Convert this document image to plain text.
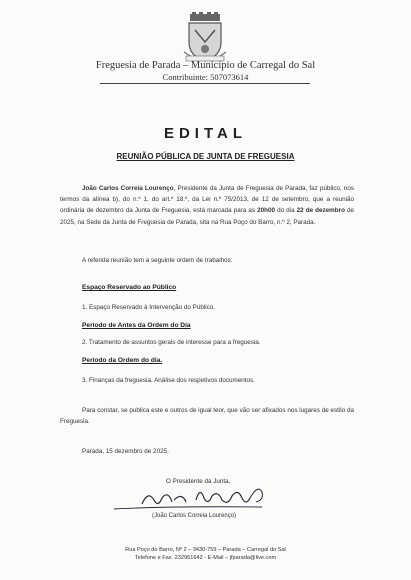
Freguesia de Parada – Município de Carregal do Sal
Contribuinte: 507073614
EDITAL
REUNIÃO PÚBLICA DE JUNTA DE FREGUESIA
João Carlos Correia Lourenço, Presidente da Junta de Freguesia de Parada, faz público, nos termos da alínea b), do n.º 1, do art.º 18.º, da Lei n.º 75/2013, de 12 de setembro, que a reunião ordinária de dezembro da Junta de Freguesia, está marcada para as 20h00 do dia 22 de dezembro de 2025, na Sede da Junta de Freguesia de Parada, sita na Rua Poço do Barro, n.º 2, Parada.
A referida reunião tem a seguinte ordem de trabalhos:
Espaço Reservado ao Público
1. Espaço Reservado à Intervenção do Público.
Período de Antes da Ordem do Dia
2. Tratamento de assuntos gerais de interesse para a freguesia.
Período da Ordem do dia.
3. Finanças da freguesia. Análise dos respetivos documentos.
Para constar, se publica este e outros de igual teor, que vão ser afixados nos lugares de estilo da Freguesia.
Parada, 15 dezembro de 2025.
O Presidente da Junta,
(João Carlos Correia Lourenço)
Rua Poço do Barro, Nº 2 – 3430-759 – Parada – Carregal do Sal
Telefone e Fax. 232961642 - E-Mail – jfparada@live.com
